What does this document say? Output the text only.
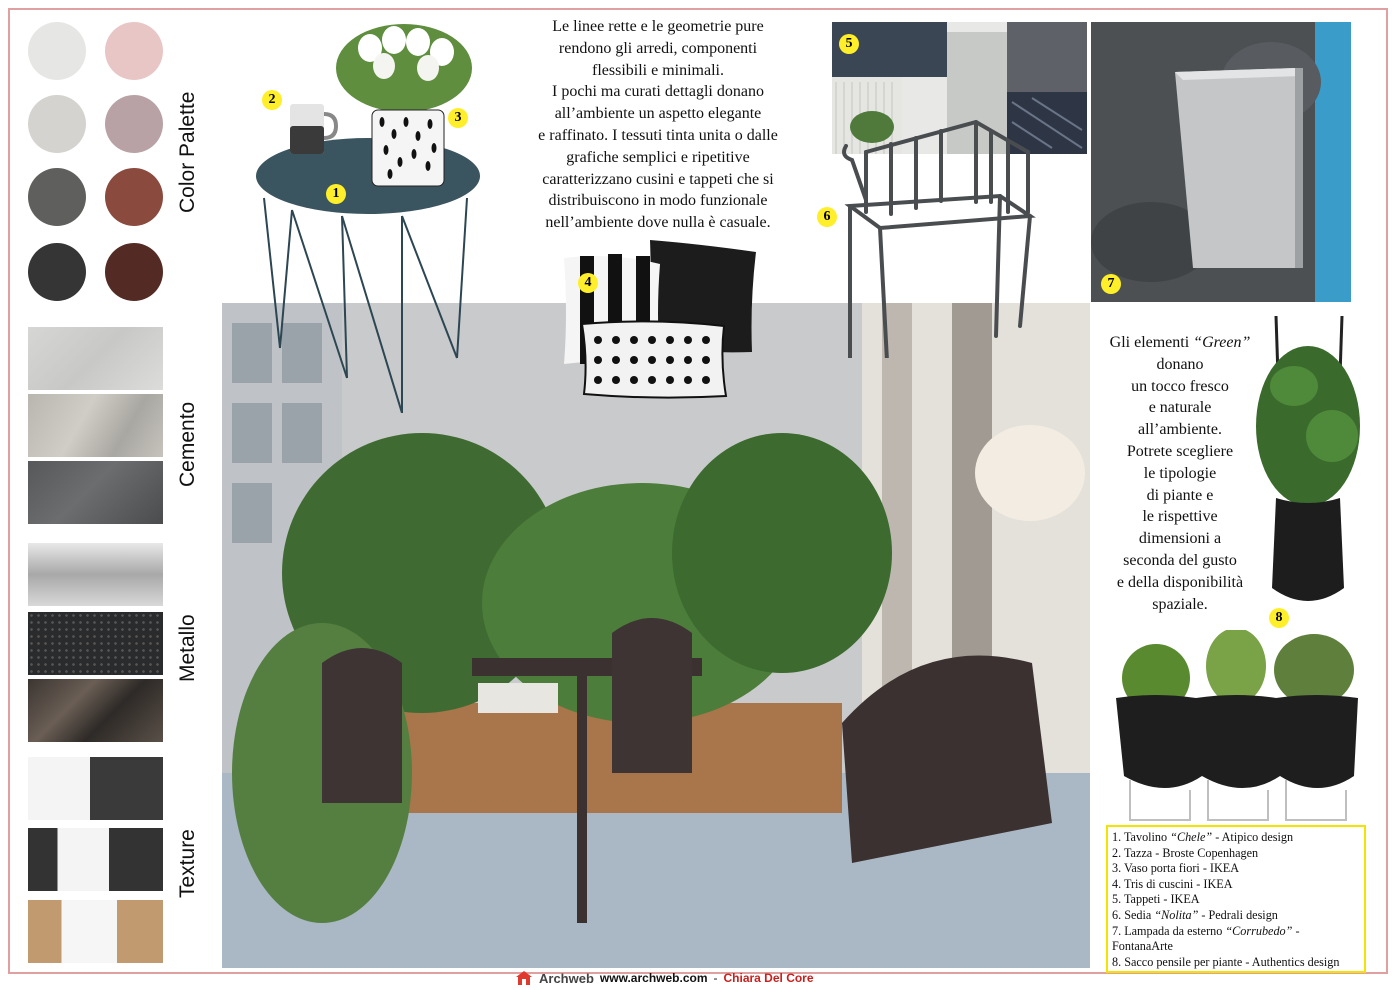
Color Palette
Cemento
Metallo
Texture
1
2
3
4
5
6
7
8
Le linee rette e le geometrie pure
rendono gli arredi, componenti
flessibili e minimali.
I pochi ma curati dettagli donano
all’ambiente un aspetto elegante
e raffinato. I tessuti tinta unita o dalle
grafiche semplici e ripetitive
caratterizzano cusini e tappeti che si
distribuiscono in modo funzionale
nell’ambiente dove nulla è casuale.
Gli elementi “Green”
donano
un tocco fresco
e naturale
all’ambiente.
Potrete scegliere
le tipologie
di piante e
le rispettive
dimensioni a
seconda del gusto
e della disponibilità
spaziale.
1. Tavolino “Chele” - Atipico design
2. Tazza - Broste Copenhagen
3. Vaso porta fiori - IKEA
4. Tris di cuscini - IKEA
5. Tappeti - IKEA
6. Sedia “Nolita” - Pedrali design
7. Lampada da esterno “Corrubedo” -
FontanaArte
8. Sacco pensile per piante - Authentics design
Archweb www.archweb.com - Chiara Del Core
